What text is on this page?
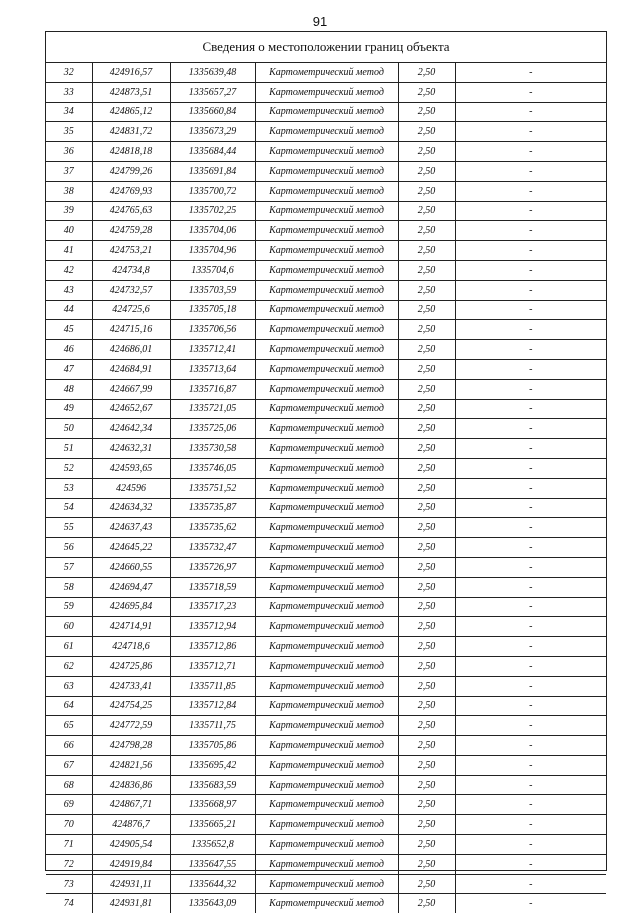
91
Сведения о местоположении границ объекта
32	424916,57	1335639,48	Картометрический метод	2,50	-
33	424873,51	1335657,27	Картометрический метод	2,50	-
34	424865,12	1335660,84	Картометрический метод	2,50	-
35	424831,72	1335673,29	Картометрический метод	2,50	-
36	424818,18	1335684,44	Картометрический метод	2,50	-
37	424799,26	1335691,84	Картометрический метод	2,50	-
38	424769,93	1335700,72	Картометрический метод	2,50	-
39	424765,63	1335702,25	Картометрический метод	2,50	-
40	424759,28	1335704,06	Картометрический метод	2,50	-
41	424753,21	1335704,96	Картометрический метод	2,50	-
42	424734,8	1335704,6	Картометрический метод	2,50	-
43	424732,57	1335703,59	Картометрический метод	2,50	-
44	424725,6	1335705,18	Картометрический метод	2,50	-
45	424715,16	1335706,56	Картометрический метод	2,50	-
46	424686,01	1335712,41	Картометрический метод	2,50	-
47	424684,91	1335713,64	Картометрический метод	2,50	-
48	424667,99	1335716,87	Картометрический метод	2,50	-
49	424652,67	1335721,05	Картометрический метод	2,50	-
50	424642,34	1335725,06	Картометрический метод	2,50	-
51	424632,31	1335730,58	Картометрический метод	2,50	-
52	424593,65	1335746,05	Картометрический метод	2,50	-
53	424596	1335751,52	Картометрический метод	2,50	-
54	424634,32	1335735,87	Картометрический метод	2,50	-
55	424637,43	1335735,62	Картометрический метод	2,50	-
56	424645,22	1335732,47	Картометрический метод	2,50	-
57	424660,55	1335726,97	Картометрический метод	2,50	-
58	424694,47	1335718,59	Картометрический метод	2,50	-
59	424695,84	1335717,23	Картометрический метод	2,50	-
60	424714,91	1335712,94	Картометрический метод	2,50	-
61	424718,6	1335712,86	Картометрический метод	2,50	-
62	424725,86	1335712,71	Картометрический метод	2,50	-
63	424733,41	1335711,85	Картометрический метод	2,50	-
64	424754,25	1335712,84	Картометрический метод	2,50	-
65	424772,59	1335711,75	Картометрический метод	2,50	-
66	424798,28	1335705,86	Картометрический метод	2,50	-
67	424821,56	1335695,42	Картометрический метод	2,50	-
68	424836,86	1335683,59	Картометрический метод	2,50	-
69	424867,71	1335668,97	Картометрический метод	2,50	-
70	424876,7	1335665,21	Картометрический метод	2,50	-
71	424905,54	1335652,8	Картометрический метод	2,50	-
72	424919,84	1335647,55	Картометрический метод	2,50	-
73	424931,11	1335644,32	Картометрический метод	2,50	-
74	424931,81	1335643,09	Картометрический метод	2,50	-
